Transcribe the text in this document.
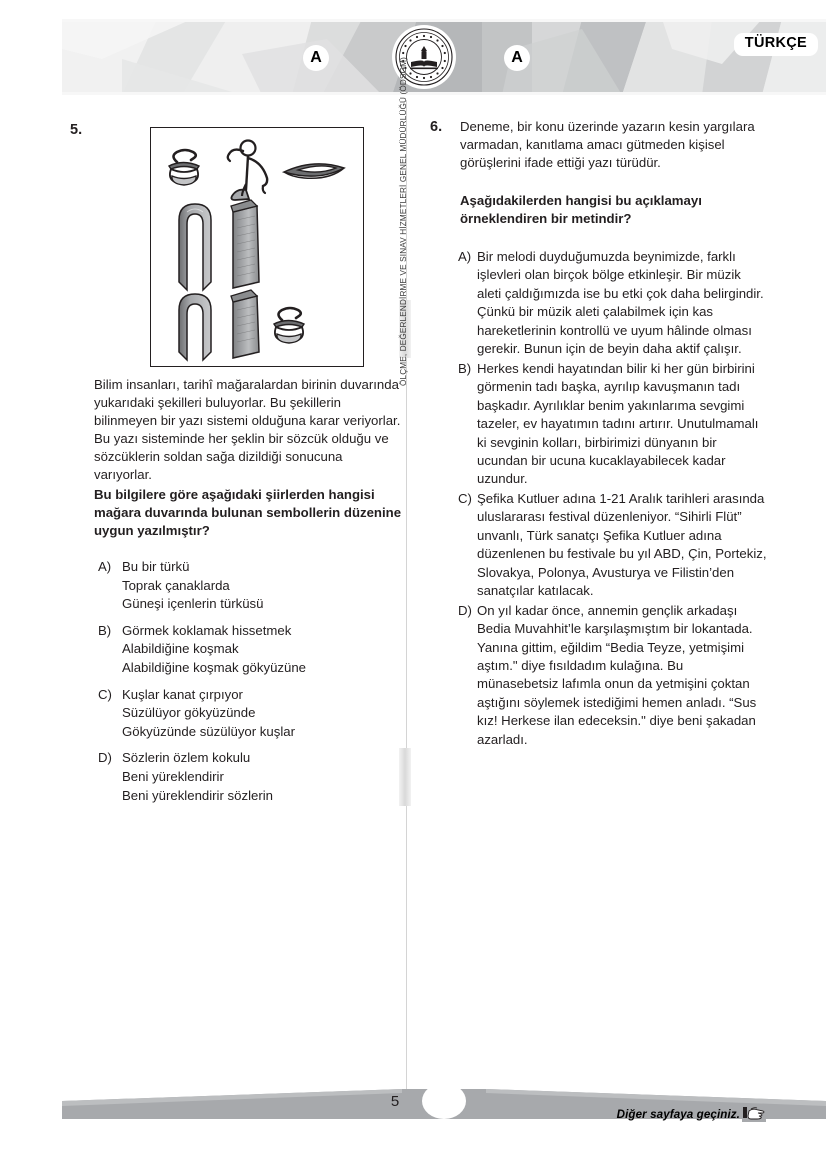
A	A
TÜRKÇE
ÖLÇME, DEĞERLENDİRME VE SINAV HİZMETLERİ GENEL MÜDÜRLÜĞÜ (ÖDSGM)
5.
Bilim insanları, tarihî mağaralardan birinin duvarında yukarıdaki şekilleri buluyorlar. Bu şekillerin bilinmeyen bir yazı sistemi olduğuna karar veriyorlar. Bu yazı sisteminde her şeklin bir sözcük olduğu ve sözcüklerin soldan sağa dizildiği sonucuna varıyorlar.
Bu bilgilere göre aşağıdaki şiirlerden hangisi mağara duvarında bulunan sembollerin düzenine uygun yazılmıştır?
A) Bu bir türkü
Toprak çanaklarda
Güneşi içenlerin türküsü
B) Görmek koklamak hissetmek
Alabildiğine koşmak
Alabildiğine koşmak gökyüzüne
C) Kuşlar kanat çırpıyor
Süzülüyor gökyüzünde
Gökyüzünde süzülüyor kuşlar
D) Sözlerin özlem kokulu
Beni yüreklendirir
Beni yüreklendirir sözlerin
6. Deneme, bir konu üzerinde yazarın kesin yargılara varmadan, kanıtlama amacı gütmeden kişisel görüşlerini ifade ettiği yazı türüdür.
Aşağıdakilerden hangisi bu açıklamayı örneklendiren bir metindir?
A) Bir melodi duyduğumuzda beynimizde, farklı işlevleri olan birçok bölge etkinleşir. Bir müzik aleti çaldığımızda ise bu etki çok daha belirgindir. Çünkü bir müzik aleti çalabilmek için kas hareketlerinin kontrollü ve uyum hâlinde olması gerekir. Bunun için de beyin daha aktif çalışır.
B) Herkes kendi hayatından bilir ki her gün birbirini görmenin tadı başka, ayrılıp kavuşmanın tadı başkadır. Ayrılıklar benim yakınlarıma sevgimi tazeler, ev hayatımın tadını artırır. Unutulmamalı ki sevginin kolları, birbirimizi dünyanın bir ucundan bir ucuna kucaklayabilecek kadar uzundur.
C) Şefika Kutluer adına 1-21 Aralık tarihleri arasında uluslararası festival düzenleniyor. “Sihirli Flüt” unvanlı, Türk sanatçı Şefika Kutluer adına düzenlenen bu festivale bu yıl ABD, Çin, Portekiz, Slovakya, Polonya, Avusturya ve Filistin’den sanatçılar katılacak.
D) On yıl kadar önce, annemin gençlik arkadaşı Bedia Muvahhit’le karşılaşmıştım bir lokantada. Yanına gittim, eğildim “Bedia Teyze, yetmişimi aştım." diye fısıldadım kulağına. Bu münasebetsiz lafımla onun da yetmişini çoktan aştığını söylemek istediğimi hemen anladı. “Sus kız! Herkese ilan edeceksin." diye beni şakadan azarladı.
5
Diğer sayfaya geçiniz.
